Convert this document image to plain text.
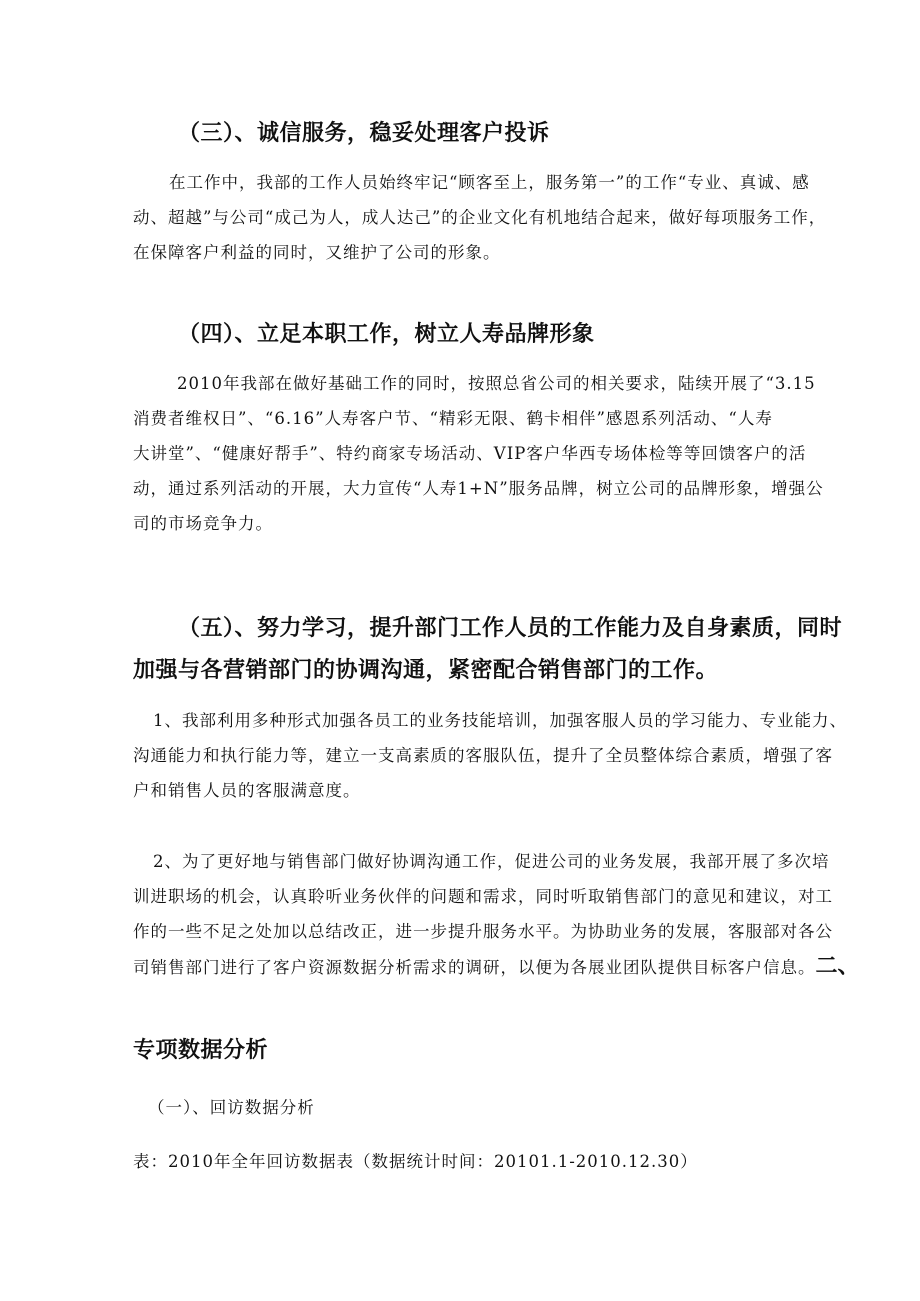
（三）、诚信服务，稳妥处理客户投诉
在工作中，我部的工作人员始终牢记“顾客至上，服务第一”的工作“专业、真诚、感
动、超越”与公司“成己为人，成人达己”的企业文化有机地结合起来，做好每项服务工作，
在保障客户利益的同时，又维护了公司的形象。
（四）、立足本职工作，树立人寿品牌形象
2010年我部在做好基础工作的同时，按照总省公司的相关要求，陆续开展了“3.15
消费者维权日”、“6.16”人寿客户节、“精彩无限、鹤卡相伴”感恩系列活动、“人寿
大讲堂”、“健康好帮手”、特约商家专场活动、VIP客户华西专场体检等等回馈客户的活
动，通过系列活动的开展，大力宣传“人寿1+N”服务品牌，树立公司的品牌形象，增强公
司的市场竞争力。
（五）、努力学习，提升部门工作人员的工作能力及自身素质，同时
加强与各营销部门的协调沟通，紧密配合销售部门的工作。
1、我部利用多种形式加强各员工的业务技能培训，加强客服人员的学习能力、专业能力、
沟通能力和执行能力等，建立一支高素质的客服队伍，提升了全员整体综合素质，增强了客
户和销售人员的客服满意度。
2、为了更好地与销售部门做好协调沟通工作，促进公司的业务发展，我部开展了多次培
训进职场的机会，认真聆听业务伙伴的问题和需求，同时听取销售部门的意见和建议，对工
作的一些不足之处加以总结改正，进一步提升服务水平。为协助业务的发展，客服部对各公
司销售部门进行了客户资源数据分析需求的调研，以便为各展业团队提供目标客户信息。二、
专项数据分析
（一）、回访数据分析
表：2010年全年回访数据表（数据统计时间：20101.1-2010.12.30）
